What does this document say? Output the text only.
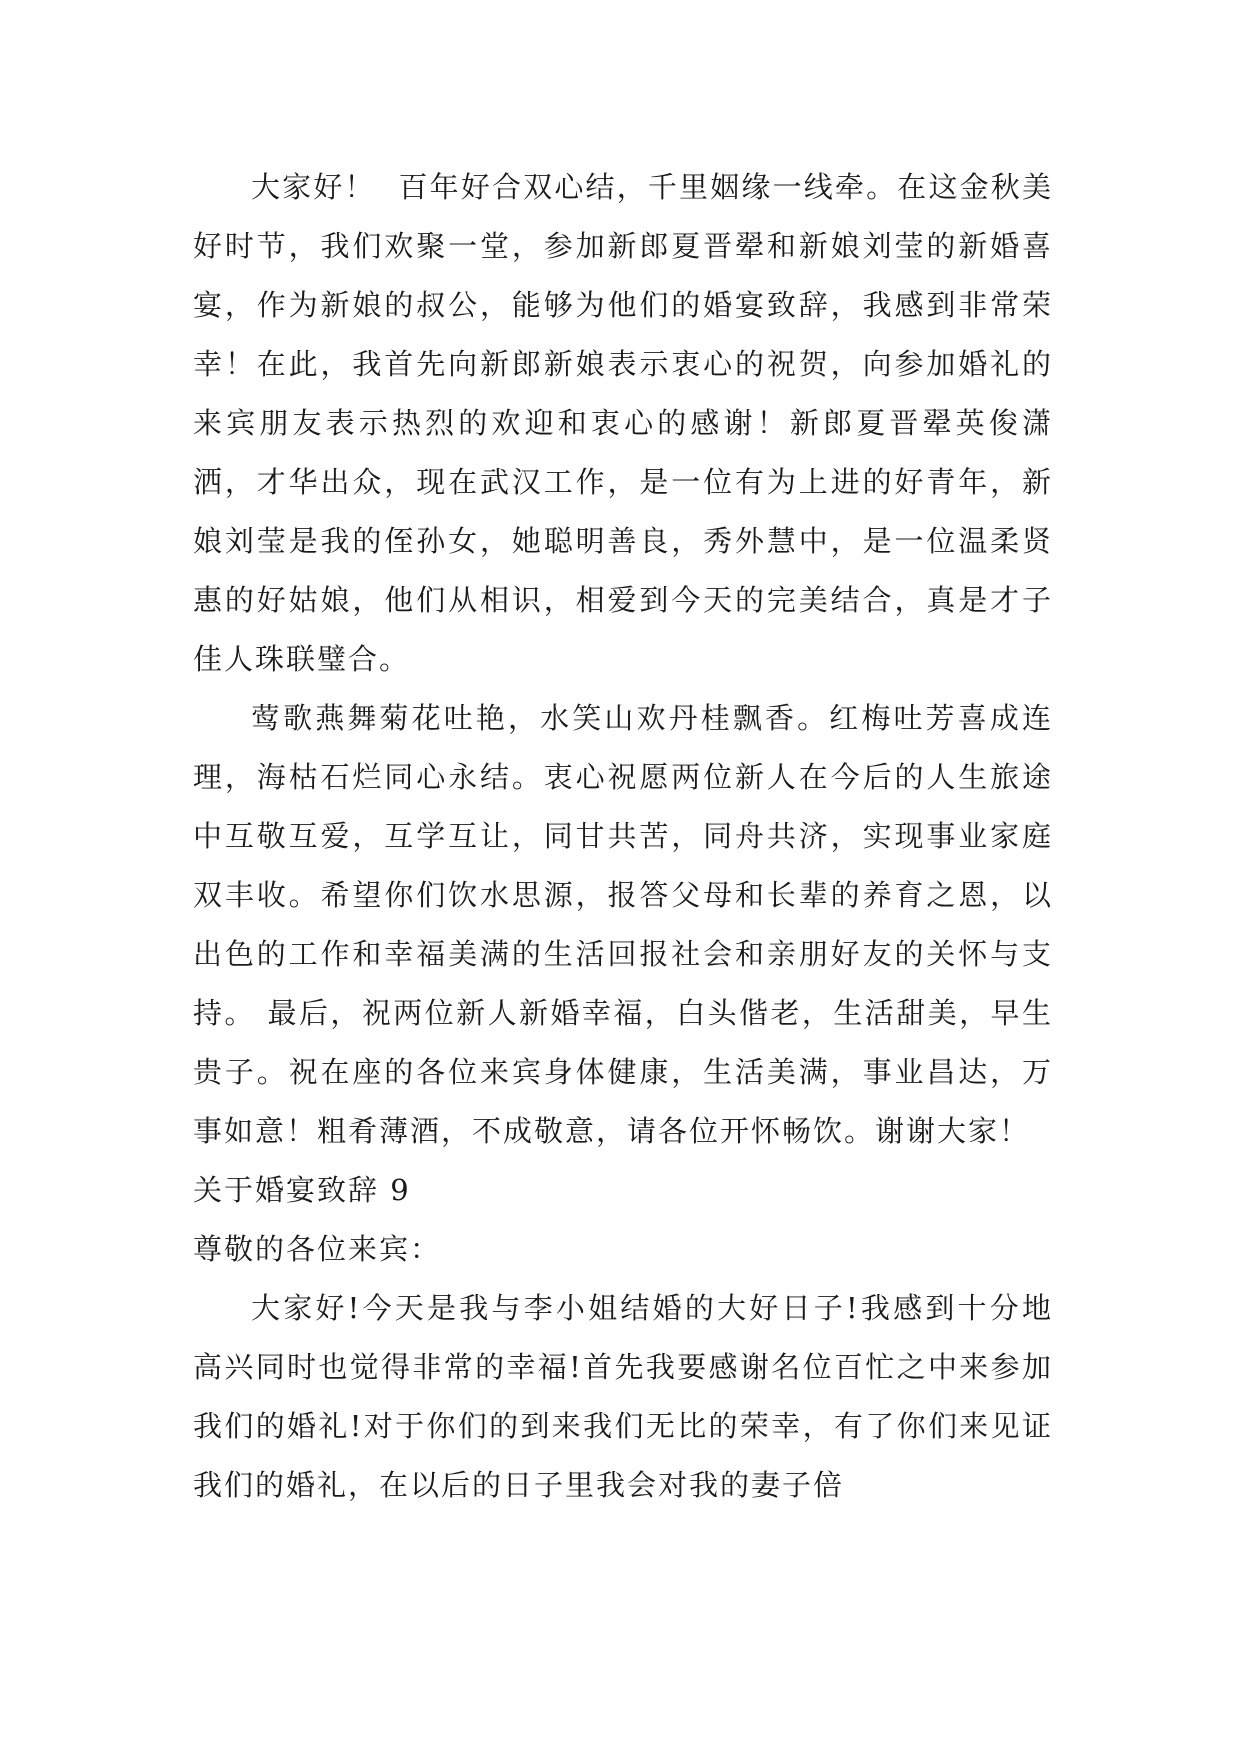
大家好！  百年好合双心结，千里姻缘一线牵。在这金秋美好时节，我们欢聚一堂，参加新郎夏晋翚和新娘刘莹的新婚喜宴，作为新娘的叔公，能够为他们的婚宴致辞，我感到非常荣幸！在此，我首先向新郎新娘表示衷心的祝贺，向参加婚礼的来宾朋友表示热烈的欢迎和衷心的感谢！新郎夏晋翚英俊潇洒，才华出众，现在武汉工作，是一位有为上进的好青年，新娘刘莹是我的侄孙女，她聪明善良，秀外慧中，是一位温柔贤惠的好姑娘，他们从相识，相爱到今天的完美结合，真是才子佳人珠联璧合。

莺歌燕舞菊花吐艳，水笑山欢丹桂飘香。红梅吐芳喜成连理，海枯石烂同心永结。衷心祝愿两位新人在今后的人生旅途中互敬互爱，互学互让，同甘共苦，同舟共济，实现事业家庭双丰收。希望你们饮水思源，报答父母和长辈的养育之恩，以出色的工作和幸福美满的生活回报社会和亲朋好友的关怀与支持。 最后，祝两位新人新婚幸福，白头偕老，生活甜美，早生贵子。祝在座的各位来宾身体健康，生活美满，事业昌达，万事如意！粗肴薄酒，不成敬意，请各位开怀畅饮。谢谢大家！

关于婚宴致辞 9

尊敬的各位来宾：

大家好!今天是我与李小姐结婚的大好日子!我感到十分地高兴同时也觉得非常的幸福!首先我要感谢名位百忙之中来参加我们的婚礼!对于你们的到来我们无比的荣幸，有了你们来见证我们的婚礼，在以后的日子里我会对我的妻子倍
